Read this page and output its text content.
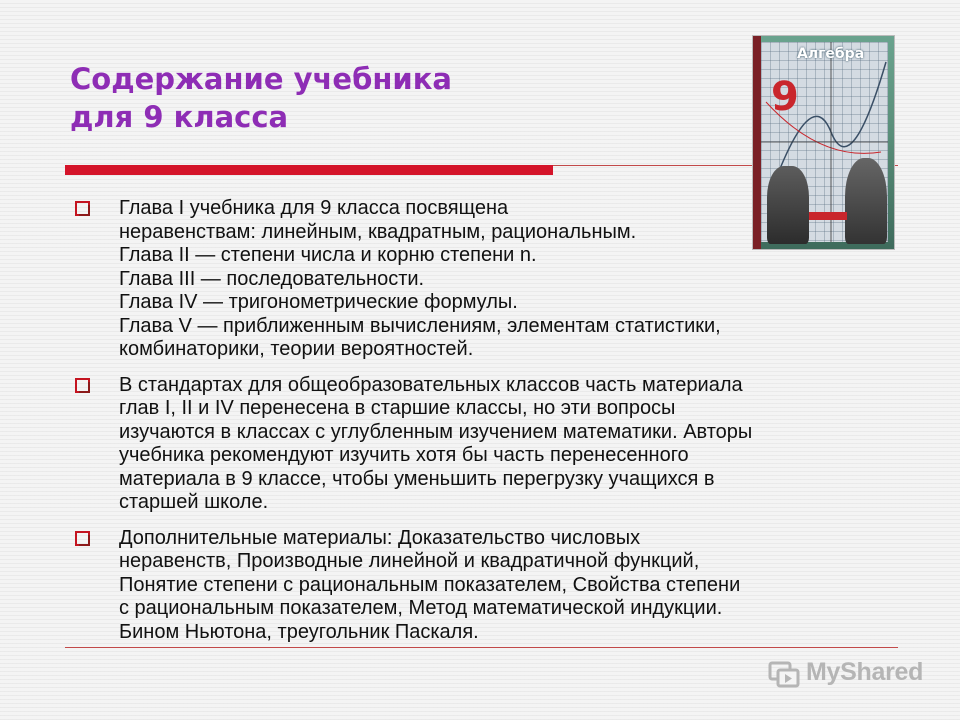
Содержание учебника
для 9 класса
Алгебра
9
Глава I учебника для 9 класса посвящена
неравенствам: линейным, квадратным, рациональным.
Глава II — степени числа и корню степени n.
Глава III — последовательности.
Глава IV — тригонометрические формулы.
Глава V — приближенным вычислениям, элементам статистики,
комбинаторики, теории вероятностей.
В стандартах для общеобразовательных классов часть материала
глав I, II и IV перенесена в старшие классы, но эти вопросы
изучаются в классах с углубленным изучением математики. Авторы
учебника рекомендуют изучить хотя бы часть перенесенного
материала в 9 классе, чтобы уменьшить перегрузку учащихся в
старшей школе.
Дополнительные материалы: Доказательство числовых
неравенств, Производные линейной и квадратичной функций,
Понятие степени с рациональным показателем, Свойства степени
с рациональным показателем, Метод математической индукции.
Бином Ньютона, треугольник Паскаля.
MyShared
